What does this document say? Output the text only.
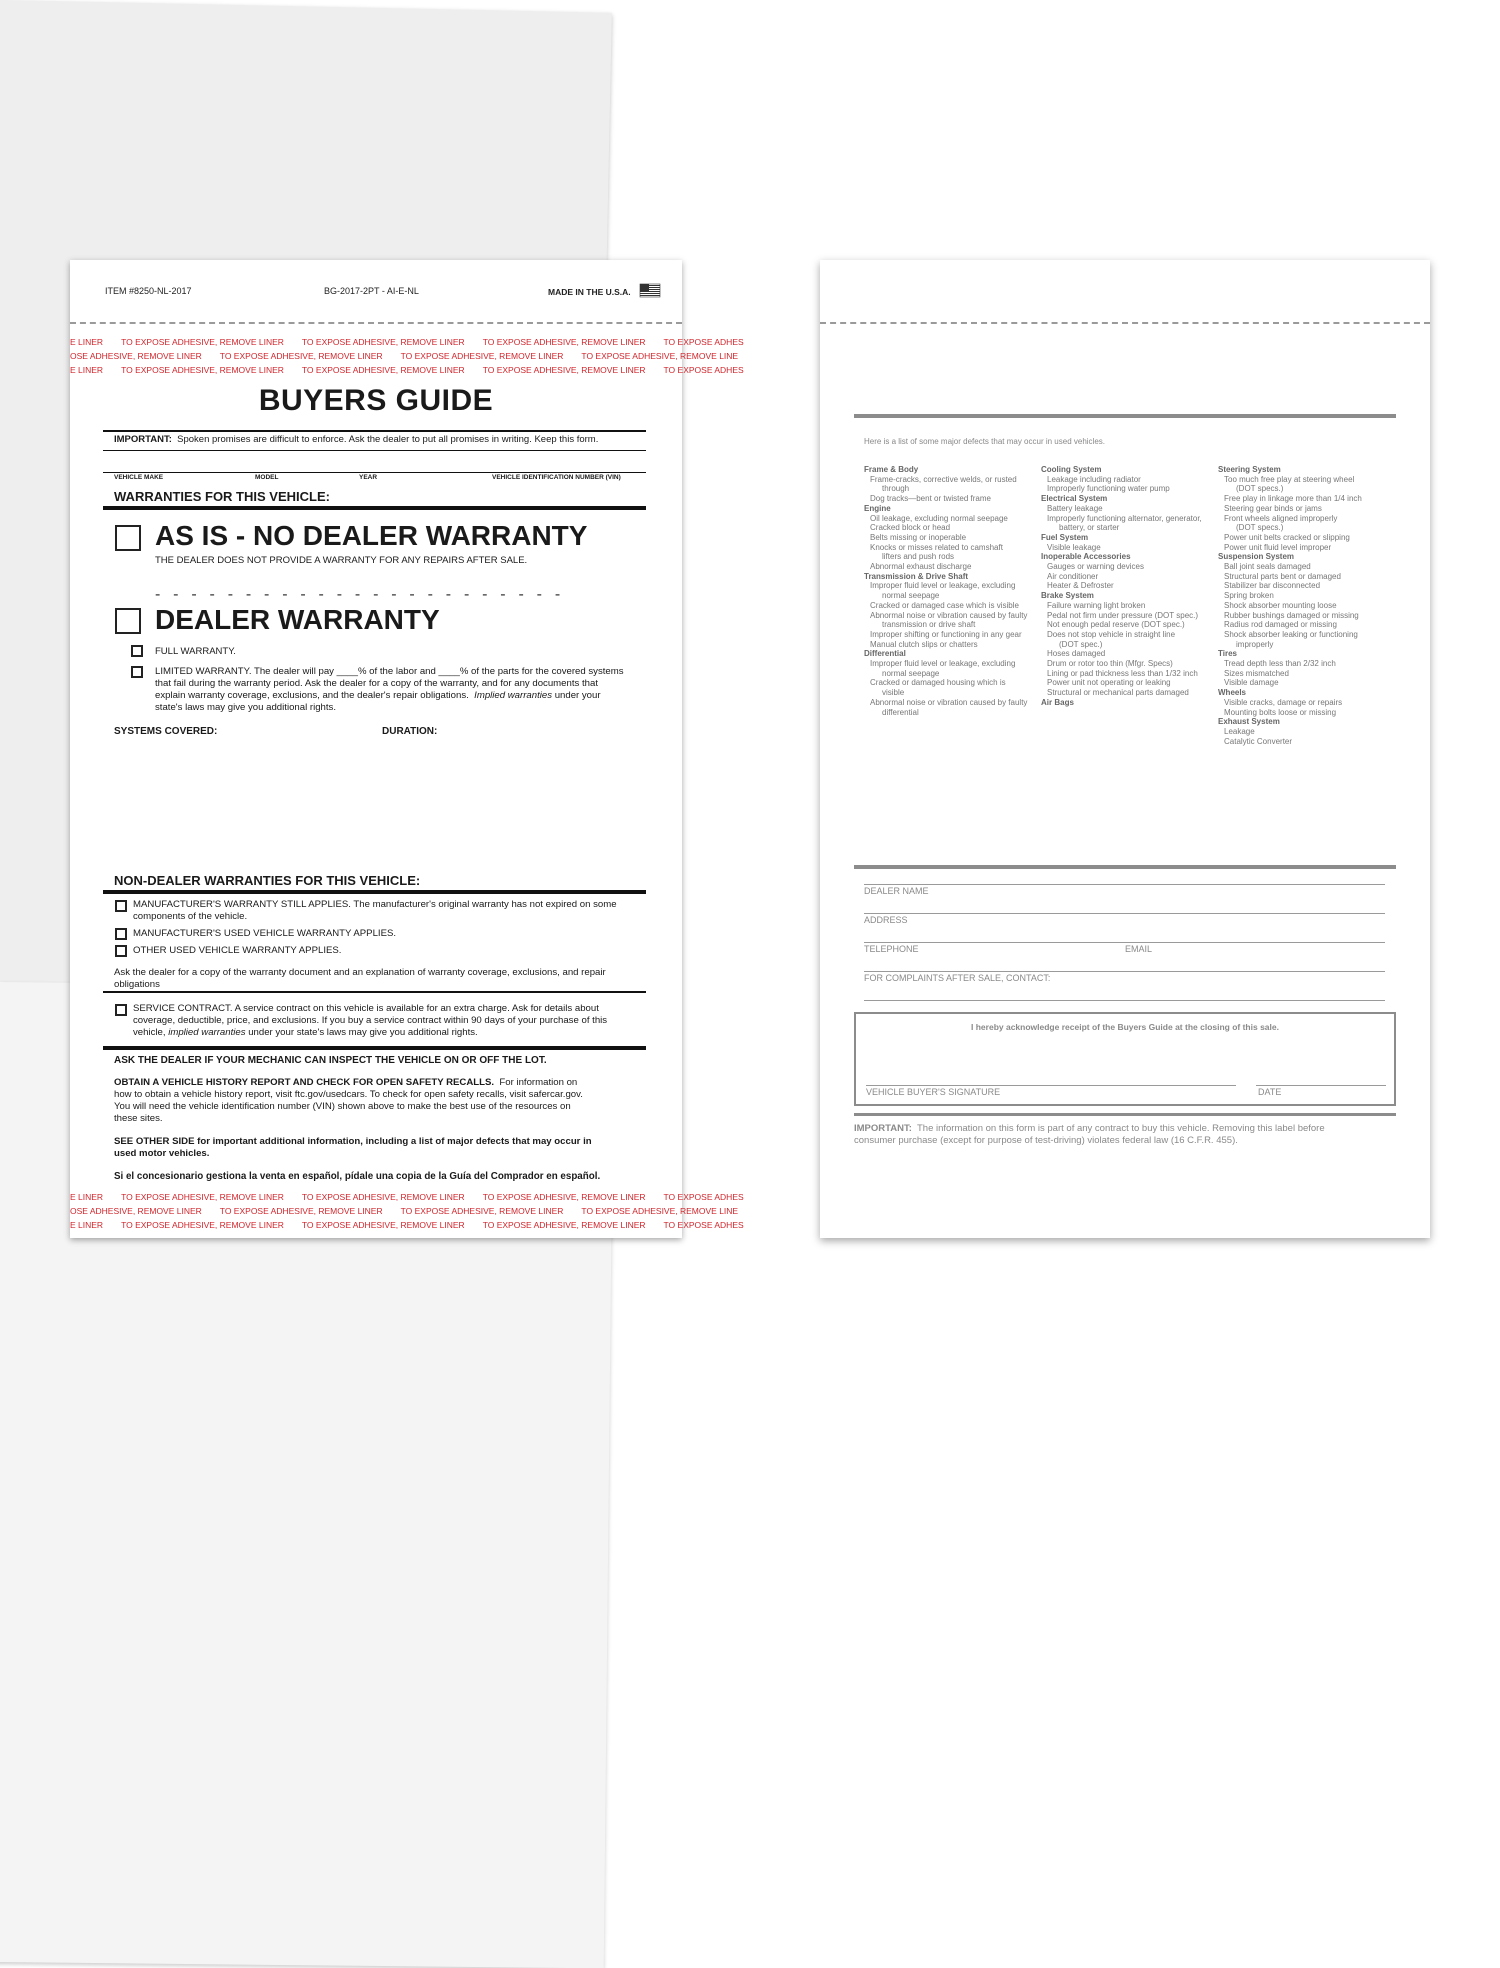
ITEM #8250-NL-2017	BG-2017-2PT - AI-E-NL	MADE IN THE U.S.A.
E LINER TO EXPOSE ADHESIVE, REMOVE LINER TO EXPOSE ADHESIVE, REMOVE LINER TO EXPOSE ADHESIVE, REMOVE LINER TO EXPOSE ADHES
OSE ADHESIVE, REMOVE LINER TO EXPOSE ADHESIVE, REMOVE LINER TO EXPOSE ADHESIVE, REMOVE LINER TO EXPOSE ADHESIVE, REMOVE LINE
E LINER TO EXPOSE ADHESIVE, REMOVE LINER TO EXPOSE ADHESIVE, REMOVE LINER TO EXPOSE ADHESIVE, REMOVE LINER TO EXPOSE ADHES
BUYERS GUIDE
IMPORTANT: Spoken promises are difficult to enforce. Ask the dealer to put all promises in writing. Keep this form.
VEHICLE MAKE	MODEL	YEAR	VEHICLE IDENTIFICATION NUMBER (VIN)
WARRANTIES FOR THIS VEHICLE:
AS IS - NO DEALER WARRANTY
THE DEALER DOES NOT PROVIDE A WARRANTY FOR ANY REPAIRS AFTER SALE.
- - - - - - - - - - - - - - - - - - - - - - -
DEALER WARRANTY
FULL WARRANTY.
LIMITED WARRANTY. The dealer will pay ____% of the labor and ____% of the parts for the covered systems
that fail during the warranty period. Ask the dealer for a copy of the warranty, and for any documents that
explain warranty coverage, exclusions, and the dealer's repair obligations. Implied warranties under your
state's laws may give you additional rights.
SYSTEMS COVERED:	DURATION:
NON-DEALER WARRANTIES FOR THIS VEHICLE:
MANUFACTURER'S WARRANTY STILL APPLIES. The manufacturer's original warranty has not expired on some
components of the vehicle.
MANUFACTURER'S USED VEHICLE WARRANTY APPLIES.
OTHER USED VEHICLE WARRANTY APPLIES.
Ask the dealer for a copy of the warranty document and an explanation of warranty coverage, exclusions, and repair
obligations
SERVICE CONTRACT. A service contract on this vehicle is available for an extra charge. Ask for details about
coverage, deductible, price, and exclusions. If you buy a service contract within 90 days of your purchase of this
vehicle, implied warranties under your state's laws may give you additional rights.
ASK THE DEALER IF YOUR MECHANIC CAN INSPECT THE VEHICLE ON OR OFF THE LOT.
OBTAIN A VEHICLE HISTORY REPORT AND CHECK FOR OPEN SAFETY RECALLS. For information on
how to obtain a vehicle history report, visit ftc.gov/usedcars. To check for open safety recalls, visit safercar.gov.
You will need the vehicle identification number (VIN) shown above to make the best use of the resources on
these sites.
SEE OTHER SIDE for important additional information, including a list of major defects that may occur in
used motor vehicles.
Si el concesionario gestiona la venta en español, pídale una copia de la Guía del Comprador en español.
E LINER TO EXPOSE ADHESIVE, REMOVE LINER TO EXPOSE ADHESIVE, REMOVE LINER TO EXPOSE ADHESIVE, REMOVE LINER TO EXPOSE ADHES
OSE ADHESIVE, REMOVE LINER TO EXPOSE ADHESIVE, REMOVE LINER TO EXPOSE ADHESIVE, REMOVE LINER TO EXPOSE ADHESIVE, REMOVE LINE
E LINER TO EXPOSE ADHESIVE, REMOVE LINER TO EXPOSE ADHESIVE, REMOVE LINER TO EXPOSE ADHESIVE, REMOVE LINER TO EXPOSE ADHES
Here is a list of some major defects that may occur in used vehicles.
Frame & Body
Frame-cracks, corrective welds, or rusted
through
Dog tracks—bent or twisted frame
Engine
Oil leakage, excluding normal seepage
Cracked block or head
Belts missing or inoperable
Knocks or misses related to camshaft
lifters and push rods
Abnormal exhaust discharge
Transmission & Drive Shaft
Improper fluid level or leakage, excluding
normal seepage
Cracked or damaged case which is visible
Abnormal noise or vibration caused by faulty
transmission or drive shaft
Improper shifting or functioning in any gear
Manual clutch slips or chatters
Differential
Improper fluid level or leakage, excluding
normal seepage
Cracked or damaged housing which is
visible
Abnormal noise or vibration caused by faulty
differential
Cooling System
Leakage including radiator
Improperly functioning water pump
Electrical System
Battery leakage
Improperly functioning alternator, generator,
battery, or starter
Fuel System
Visible leakage
Inoperable Accessories
Gauges or warning devices
Air conditioner
Heater & Defroster
Brake System
Failure warning light broken
Pedal not firm under pressure (DOT spec.)
Not enough pedal reserve (DOT spec.)
Does not stop vehicle in straight line
(DOT spec.)
Hoses damaged
Drum or rotor too thin (Mfgr. Specs)
Lining or pad thickness less than 1/32 inch
Power unit not operating or leaking
Structural or mechanical parts damaged
Air Bags
Steering System
Too much free play at steering wheel
(DOT specs.)
Free play in linkage more than 1/4 inch
Steering gear binds or jams
Front wheels aligned improperly
(DOT specs.)
Power unit belts cracked or slipping
Power unit fluid level improper
Suspension System
Ball joint seals damaged
Structural parts bent or damaged
Stabilizer bar disconnected
Spring broken
Shock absorber mounting loose
Rubber bushings damaged or missing
Radius rod damaged or missing
Shock absorber leaking or functioning
improperly
Tires
Tread depth less than 2/32 inch
Sizes mismatched
Visible damage
Wheels
Visible cracks, damage or repairs
Mounting bolts loose or missing
Exhaust System
Leakage
Catalytic Converter
DEALER NAME
ADDRESS
TELEPHONE	EMAIL
FOR COMPLAINTS AFTER SALE, CONTACT:
I hereby acknowledge receipt of the Buyers Guide at the closing of this sale.
VEHICLE BUYER'S SIGNATURE	DATE
IMPORTANT: The information on this form is part of any contract to buy this vehicle. Removing this label before
consumer purchase (except for purpose of test-driving) violates federal law (16 C.F.R. 455).
